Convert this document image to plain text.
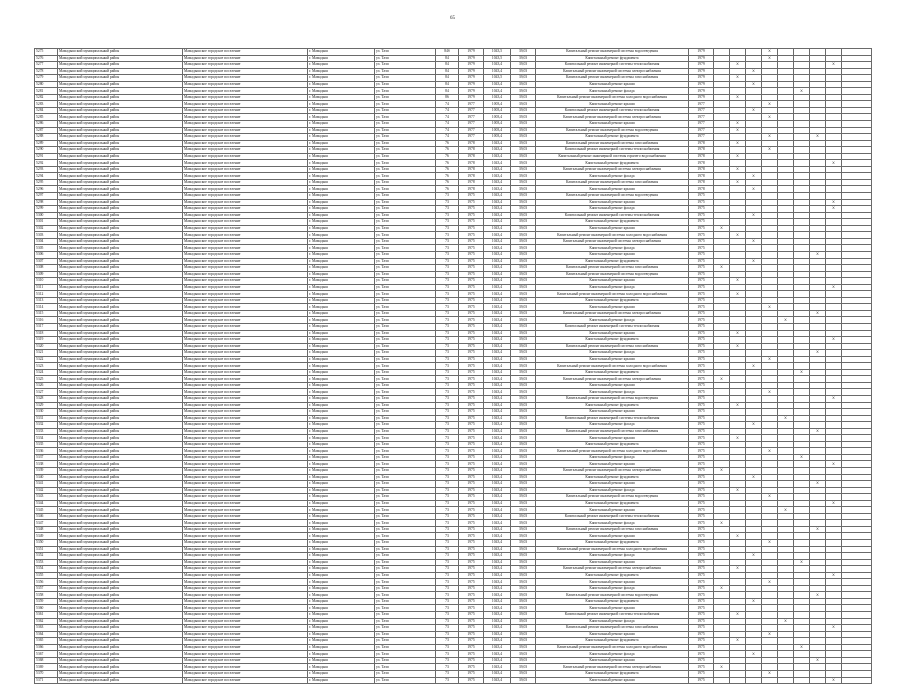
65
5275	Мамадышский муниципальный район	Мамадышское городское поселение	г. Мамадыш	ул. Тази	84б	1979	1043,5	39,03	Капитальный ремонт инженерной системы водоотведения	1979				X					
5276	Мамадышский муниципальный район	Мамадышское городское поселение	г. Мамадыш	ул. Тази	84	1979	1043,5	39,03	Капитальный ремонт фундамента	1979				X					
5277	Мамадышский муниципальный район	Мамадышское городское поселение	г. Мамадыш	ул. Тази	84	1979	1043,4	39,03	Капитальный ремонт инженерной системы теплоснабжения	1979		X						X	
5278	Мамадышский муниципальный район	Мамадышское городское поселение	г. Мамадыш	ул. Тази	84	1979	1043,4	39,03	Капитальный ремонт инженерной системы электроснабжения	1979			X						
5279	Мамадышский муниципальный район	Мамадышское городское поселение	г. Мамадыш	ул. Тази	84	1979	1043,5	39,03	Капитальный ремонт инженерной системы газоснабжения	1979		X							
5280	Мамадышский муниципальный район	Мамадышское городское поселение	г. Мамадыш	ул. Тази	84	1979	1043,4	39,03	Капитальный ремонт крыши	1979			X						
5281	Мамадышский муниципальный район	Мамадышское городское поселение	г. Мамадыш	ул. Тази	84	1979	1043,4	39,03	Капитальный ремонт фасада	1979						X			
5282	Мамадышский муниципальный район	Мамадышское городское поселение	г. Мамадыш	ул. Тази	86	1979	1043,4	39,03	Капитальный ремонт инженерной системы холодного водоснабжения	1979		X							
5283	Мамадышский муниципальный район	Мамадышское городское поселение	г. Мамадыш	ул. Тази	74	1977	1003,4	39,03	Капитальный ремонт крыши	1977				X					
5284	Мамадышский муниципальный район	Мамадышское городское поселение	г. Мамадыш	ул. Тази	74	1977	1003,4	39,03	Капитальный ремонт инженерной системы теплоснабжения	1977			X						
5285	Мамадышский муниципальный район	Мамадышское городское поселение	г. Мамадыш	ул. Тази	74	1977	1003,4	39,03	Капитальный ремонт инженерной системы электроснабжения	1977				X					
5286	Мамадышский муниципальный район	Мамадышское городское поселение	г. Мамадыш	ул. Тази	74	1977	1003,4	39,03	Капитальный ремонт крыши	1977		X							
5287	Мамадышский муниципальный район	Мамадышское городское поселение	г. Мамадыш	ул. Тази	74	1977	1003,4	39,03	Капитальный ремонт инженерной системы водоотведения	1977		X							
5288	Мамадышский муниципальный район	Мамадышское городское поселение	г. Мамадыш	ул. Тази	74	1977	1003,4	39,03	Капитальный ремонт фундамента	1977				X			X		
5289	Мамадышский муниципальный район	Мамадышское городское поселение	г. Мамадыш	ул. Тази	76	1978	1043,4	39,03	Капитальный ремонт инженерной системы газоснабжения	1978		X							
5290	Мамадышский муниципальный район	Мамадышское городское поселение	г. Мамадыш	ул. Тази	76	1978	1043,4	39,03	Капитальный ремонт инженерной системы теплоснабжения	1978				X					
5291	Мамадышский муниципальный район	Мамадышское городское поселение	г. Мамадыш	ул. Тази	76	1978	1043,4	39,03	Капитальный ремонт инженерной системы горячего водоснабжения	1978		X							
5292	Мамадышский муниципальный район	Мамадышское городское поселение	г. Мамадыш	ул. Тази	76	1978	1043,4	39,03	Капитальный ремонт фундамента	1978								X	
5293	Мамадышский муниципальный район	Мамадышское городское поселение	г. Мамадыш	ул. Тази	76	1978	1043,4	39,03	Капитальный ремонт инженерной системы электроснабжения	1978		X							
5294	Мамадышский муниципальный район	Мамадышское городское поселение	г. Мамадыш	ул. Тази	76	1978	1043,4	39,03	Капитальный ремонт фасада	1978			X						
5295	Мамадышский муниципальный район	Мамадышское городское поселение	г. Мамадыш	ул. Тази	76	1978	1043,4	39,03	Капитальный ремонт инженерной системы газоснабжения	1978		X							
5296	Мамадышский муниципальный район	Мамадышское городское поселение	г. Мамадыш	ул. Тази	76	1978	1043,4	39,03	Капитальный ремонт крыши	1978			X						
5297	Мамадышский муниципальный район	Мамадышское городское поселение	г. Мамадыш	ул. Тази	73	1975	1043,4	39,03	Капитальный ремонт инженерной системы водоотведения	1975									
5298	Мамадышский муниципальный район	Мамадышское городское поселение	г. Мамадыш	ул. Тази	73	1975	1043,4	39,03	Капитальный ремонт крыши	1975								X	
5299	Мамадышский муниципальный район	Мамадышское городское поселение	г. Мамадыш	ул. Тази	73	1975	1043,4	39,03	Капитальный ремонт фасада	1975								X	
5300	Мамадышский муниципальный район	Мамадышское городское поселение	г. Мамадыш	ул. Тази	73	1975	1043,4	39,03	Капитальный ремонт инженерной системы теплоснабжения	1975			X						
5301	Мамадышский муниципальный район	Мамадышское городское поселение	г. Мамадыш	ул. Тази	73	1975	1043,4	39,03	Капитальный ремонт фундамента	1975									
5302	Мамадышский муниципальный район	Мамадышское городское поселение	г. Мамадыш	ул. Тази	73	1975	1043,4	39,03	Капитальный ремонт крыши	1975	X								
5303	Мамадышский муниципальный район	Мамадышское городское поселение	г. Мамадыш	ул. Тази	73	1975	1043,4	39,03	Капитальный ремонт инженерной системы холодного водоснабжения	1975		X							
5304	Мамадышский муниципальный район	Мамадышское городское поселение	г. Мамадыш	ул. Тази	73	1975	1043,4	39,03	Капитальный ремонт инженерной системы электроснабжения	1975			X						
5305	Мамадышский муниципальный район	Мамадышское городское поселение	г. Мамадыш	ул. Тази	73	1975	1043,4	39,03	Капитальный ремонт фасада	1975									
5306	Мамадышский муниципальный район	Мамадышское городское поселение	г. Мамадыш	ул. Тази	73	1975	1043,4	39,03	Капитальный ремонт крыши	1975							X		
5307	Мамадышский муниципальный район	Мамадышское городское поселение	г. Мамадыш	ул. Тази	73	1975	1043,4	39,03	Капитальный ремонт фундамента	1975			X						
5308	Мамадышский муниципальный район	Мамадышское городское поселение	г. Мамадыш	ул. Тази	73	1975	1043,4	39,03	Капитальный ремонт инженерной системы газоснабжения	1975	X								
5309	Мамадышский муниципальный район	Мамадышское городское поселение	г. Мамадыш	ул. Тази	73	1975	1043,4	39,03	Капитальный ремонт инженерной системы водоотведения	1975									
5310	Мамадышский муниципальный район	Мамадышское городское поселение	г. Мамадыш	ул. Тази	73	1975	1043,4	39,03	Капитальный ремонт крыши	1975		X							
5311	Мамадышский муниципальный район	Мамадышское городское поселение	г. Мамадыш	ул. Тази	73	1975	1043,4	39,03	Капитальный ремонт фасада	1975								X	
5312	Мамадышский муниципальный район	Мамадышское городское поселение	г. Мамадыш	ул. Тази	73	1975	1043,4	39,03	Капитальный ремонт инженерной системы холодного водоснабжения	1975		X							
5313	Мамадышский муниципальный район	Мамадышское городское поселение	г. Мамадыш	ул. Тази	73	1975	1043,4	39,03	Капитальный ремонт фундамента	1975									
5314	Мамадышский муниципальный район	Мамадышское городское поселение	г. Мамадыш	ул. Тази	73	1975	1043,4	39,03	Капитальный ремонт крыши	1975				X					
5315	Мамадышский муниципальный район	Мамадышское городское поселение	г. Мамадыш	ул. Тази	73	1975	1043,4	39,03	Капитальный ремонт инженерной системы электроснабжения	1975							X		
5316	Мамадышский муниципальный район	Мамадышское городское поселение	г. Мамадыш	ул. Тази	73	1975	1043,4	39,03	Капитальный ремонт фасада	1975					X				
5317	Мамадышский муниципальный район	Мамадышское городское поселение	г. Мамадыш	ул. Тази	73	1975	1043,4	39,03	Капитальный ремонт инженерной системы теплоснабжения	1975									
5318	Мамадышский муниципальный район	Мамадышское городское поселение	г. Мамадыш	ул. Тази	73	1975	1043,4	39,03	Капитальный ремонт крыши	1975		X							
5319	Мамадышский муниципальный район	Мамадышское городское поселение	г. Мамадыш	ул. Тази	73	1975	1043,4	39,03	Капитальный ремонт фундамента	1975								X	
5320	Мамадышский муниципальный район	Мамадышское городское поселение	г. Мамадыш	ул. Тази	73	1975	1043,4	39,03	Капитальный ремонт инженерной системы газоснабжения	1975		X							
5321	Мамадышский муниципальный район	Мамадышское городское поселение	г. Мамадыш	ул. Тази	73	1975	1043,4	39,03	Капитальный ремонт фасада	1975							X		
5322	Мамадышский муниципальный район	Мамадышское городское поселение	г. Мамадыш	ул. Тази	73	1975	1043,4	39,03	Капитальный ремонт крыши	1975				X					
5323	Мамадышский муниципальный район	Мамадышское городское поселение	г. Мамадыш	ул. Тази	73	1975	1043,4	39,03	Капитальный ремонт инженерной системы холодного водоснабжения	1975			X						
5324	Мамадышский муниципальный район	Мамадышское городское поселение	г. Мамадыш	ул. Тази	73	1975	1043,4	39,03	Капитальный ремонт фундамента	1975						X			
5325	Мамадышский муниципальный район	Мамадышское городское поселение	г. Мамадыш	ул. Тази	73	1975	1043,4	39,03	Капитальный ремонт инженерной системы электроснабжения	1975	X								
5326	Мамадышский муниципальный район	Мамадышское городское поселение	г. Мамадыш	ул. Тази	73	1975	1043,4	39,03	Капитальный ремонт крыши	1975									
5327	Мамадышский муниципальный район	Мамадышское городское поселение	г. Мамадыш	ул. Тази	73	1975	1043,4	39,03	Капитальный ремонт фасада	1975				X					
5328	Мамадышский муниципальный район	Мамадышское городское поселение	г. Мамадыш	ул. Тази	73	1975	1043,4	39,03	Капитальный ремонт инженерной системы водоотведения	1975								X	
5329	Мамадышский муниципальный район	Мамадышское городское поселение	г. Мамадыш	ул. Тази	73	1975	1043,4	39,03	Капитальный ремонт фундамента	1975		X							
5330	Мамадышский муниципальный район	Мамадышское городское поселение	г. Мамадыш	ул. Тази	73	1975	1043,4	39,03	Капитальный ремонт крыши	1975									
5331	Мамадышский муниципальный район	Мамадышское городское поселение	г. Мамадыш	ул. Тази	73	1975	1043,4	39,03	Капитальный ремонт инженерной системы теплоснабжения	1975					X				
5332	Мамадышский муниципальный район	Мамадышское городское поселение	г. Мамадыш	ул. Тази	73	1975	1043,4	39,03	Капитальный ремонт фасада	1975			X						
5333	Мамадышский муниципальный район	Мамадышское городское поселение	г. Мамадыш	ул. Тази	73	1975	1043,4	39,03	Капитальный ремонт инженерной системы газоснабжения	1975							X		
5334	Мамадышский муниципальный район	Мамадышское городское поселение	г. Мамадыш	ул. Тази	73	1975	1043,4	39,03	Капитальный ремонт крыши	1975		X							
5335	Мамадышский муниципальный район	Мамадышское городское поселение	г. Мамадыш	ул. Тази	73	1975	1043,4	39,03	Капитальный ремонт фундамента	1975									
5336	Мамадышский муниципальный район	Мамадышское городское поселение	г. Мамадыш	ул. Тази	73	1975	1043,4	39,03	Капитальный ремонт инженерной системы холодного водоснабжения	1975				X					
5337	Мамадышский муниципальный район	Мамадышское городское поселение	г. Мамадыш	ул. Тази	73	1975	1043,4	39,03	Капитальный ремонт фасада	1975						X			
5338	Мамадышский муниципальный район	Мамадышское городское поселение	г. Мамадыш	ул. Тази	73	1975	1043,4	39,03	Капитальный ремонт крыши	1975								X	
5339	Мамадышский муниципальный район	Мамадышское городское поселение	г. Мамадыш	ул. Тази	73	1975	1043,4	39,03	Капитальный ремонт инженерной системы электроснабжения	1975	X								
5340	Мамадышский муниципальный район	Мамадышское городское поселение	г. Мамадыш	ул. Тази	73	1975	1043,4	39,03	Капитальный ремонт фундамента	1975			X						
5341	Мамадышский муниципальный район	Мамадышское городское поселение	г. Мамадыш	ул. Тази	73	1975	1043,4	39,03	Капитальный ремонт крыши	1975							X		
5342	Мамадышский муниципальный район	Мамадышское городское поселение	г. Мамадыш	ул. Тази	73	1975	1043,4	39,03	Капитальный ремонт фасада	1975		X							
5343	Мамадышский муниципальный район	Мамадышское городское поселение	г. Мамадыш	ул. Тази	73	1975	1043,4	39,03	Капитальный ремонт инженерной системы водоотведения	1975				X					
5344	Мамадышский муниципальный район	Мамадышское городское поселение	г. Мамадыш	ул. Тази	73	1975	1043,4	39,03	Капитальный ремонт фундамента	1975								X	
5345	Мамадышский муниципальный район	Мамадышское городское поселение	г. Мамадыш	ул. Тази	73	1975	1043,4	39,03	Капитальный ремонт крыши	1975					X				
5346	Мамадышский муниципальный район	Мамадышское городское поселение	г. Мамадыш	ул. Тази	73	1975	1043,4	39,03	Капитальный ремонт инженерной системы теплоснабжения	1975									
5347	Мамадышский муниципальный район	Мамадышское городское поселение	г. Мамадыш	ул. Тази	73	1975	1043,4	39,03	Капитальный ремонт фасада	1975	X								
5348	Мамадышский муниципальный район	Мамадышское городское поселение	г. Мамадыш	ул. Тази	73	1975	1043,4	39,03	Капитальный ремонт инженерной системы газоснабжения	1975							X		
5349	Мамадышский муниципальный район	Мамадышское городское поселение	г. Мамадыш	ул. Тази	73	1975	1043,4	39,03	Капитальный ремонт крыши	1975		X							
5350	Мамадышский муниципальный район	Мамадышское городское поселение	г. Мамадыш	ул. Тази	73	1975	1043,4	39,03	Капитальный ремонт фундамента	1975				X					
5351	Мамадышский муниципальный район	Мамадышское городское поселение	г. Мамадыш	ул. Тази	73	1975	1043,4	39,03	Капитальный ремонт инженерной системы холодного водоснабжения	1975									
5352	Мамадышский муниципальный район	Мамадышское городское поселение	г. Мамадыш	ул. Тази	73	1975	1043,4	39,03	Капитальный ремонт фасада	1975			X						
5353	Мамадышский муниципальный район	Мамадышское городское поселение	г. Мамадыш	ул. Тази	73	1975	1043,4	39,03	Капитальный ремонт крыши	1975						X			
5354	Мамадышский муниципальный район	Мамадышское городское поселение	г. Мамадыш	ул. Тази	73	1975	1043,4	39,03	Капитальный ремонт инженерной системы электроснабжения	1975		X							
5355	Мамадышский муниципальный район	Мамадышское городское поселение	г. Мамадыш	ул. Тази	73	1975	1043,4	39,03	Капитальный ремонт фундамента	1975								X	
5356	Мамадышский муниципальный район	Мамадышское городское поселение	г. Мамадыш	ул. Тази	73	1975	1043,4	39,03	Капитальный ремонт крыши	1975				X					
5357	Мамадышский муниципальный район	Мамадышское городское поселение	г. Мамадыш	ул. Тази	73	1975	1043,4	39,03	Капитальный ремонт фасада	1975	X								
5358	Мамадышский муниципальный район	Мамадышское городское поселение	г. Мамадыш	ул. Тази	73	1975	1043,4	39,03	Капитальный ремонт инженерной системы водоотведения	1975							X		
5359	Мамадышский муниципальный район	Мамадышское городское поселение	г. Мамадыш	ул. Тази	73	1975	1043,4	39,03	Капитальный ремонт фундамента	1975			X						
5360	Мамадышский муниципальный район	Мамадышское городское поселение	г. Мамадыш	ул. Тази	73	1975	1043,4	39,03	Капитальный ремонт крыши	1975									
5361	Мамадышский муниципальный район	Мамадышское городское поселение	г. Мамадыш	ул. Тази	73	1975	1043,4	39,03	Капитальный ремонт инженерной системы теплоснабжения	1975		X							
5362	Мамадышский муниципальный район	Мамадышское городское поселение	г. Мамадыш	ул. Тази	73	1975	1043,4	39,03	Капитальный ремонт фасада	1975					X				
5363	Мамадышский муниципальный район	Мамадышское городское поселение	г. Мамадыш	ул. Тази	73	1975	1043,4	39,03	Капитальный ремонт инженерной системы газоснабжения	1975								X	
5364	Мамадышский муниципальный район	Мамадышское городское поселение	г. Мамадыш	ул. Тази	73	1975	1043,4	39,03	Капитальный ремонт крыши	1975				X					
5365	Мамадышский муниципальный район	Мамадышское городское поселение	г. Мамадыш	ул. Тази	73	1975	1043,4	39,03	Капитальный ремонт фундамента	1975		X							
5366	Мамадышский муниципальный район	Мамадышское городское поселение	г. Мамадыш	ул. Тази	73	1975	1043,4	39,03	Капитальный ремонт инженерной системы холодного водоснабжения	1975						X			
5367	Мамадышский муниципальный район	Мамадышское городское поселение	г. Мамадыш	ул. Тази	73	1975	1043,4	39,03	Капитальный ремонт фасада	1975			X						
5368	Мамадышский муниципальный район	Мамадышское городское поселение	г. Мамадыш	ул. Тази	73	1975	1043,4	39,03	Капитальный ремонт крыши	1975							X		
5369	Мамадышский муниципальный район	Мамадышское городское поселение	г. Мамадыш	ул. Тази	73	1975	1043,4	39,03	Капитальный ремонт инженерной системы электроснабжения	1975	X								
5370	Мамадышский муниципальный район	Мамадышское городское поселение	г. Мамадыш	ул. Тази	73	1975	1043,4	39,03	Капитальный ремонт фундамента	1975				X					
5371	Мамадышский муниципальный район	Мамадышское городское поселение	г. Мамадыш	ул. Тази	73	1975	1043,4	39,03	Капитальный ремонт крыши	1975								X	
